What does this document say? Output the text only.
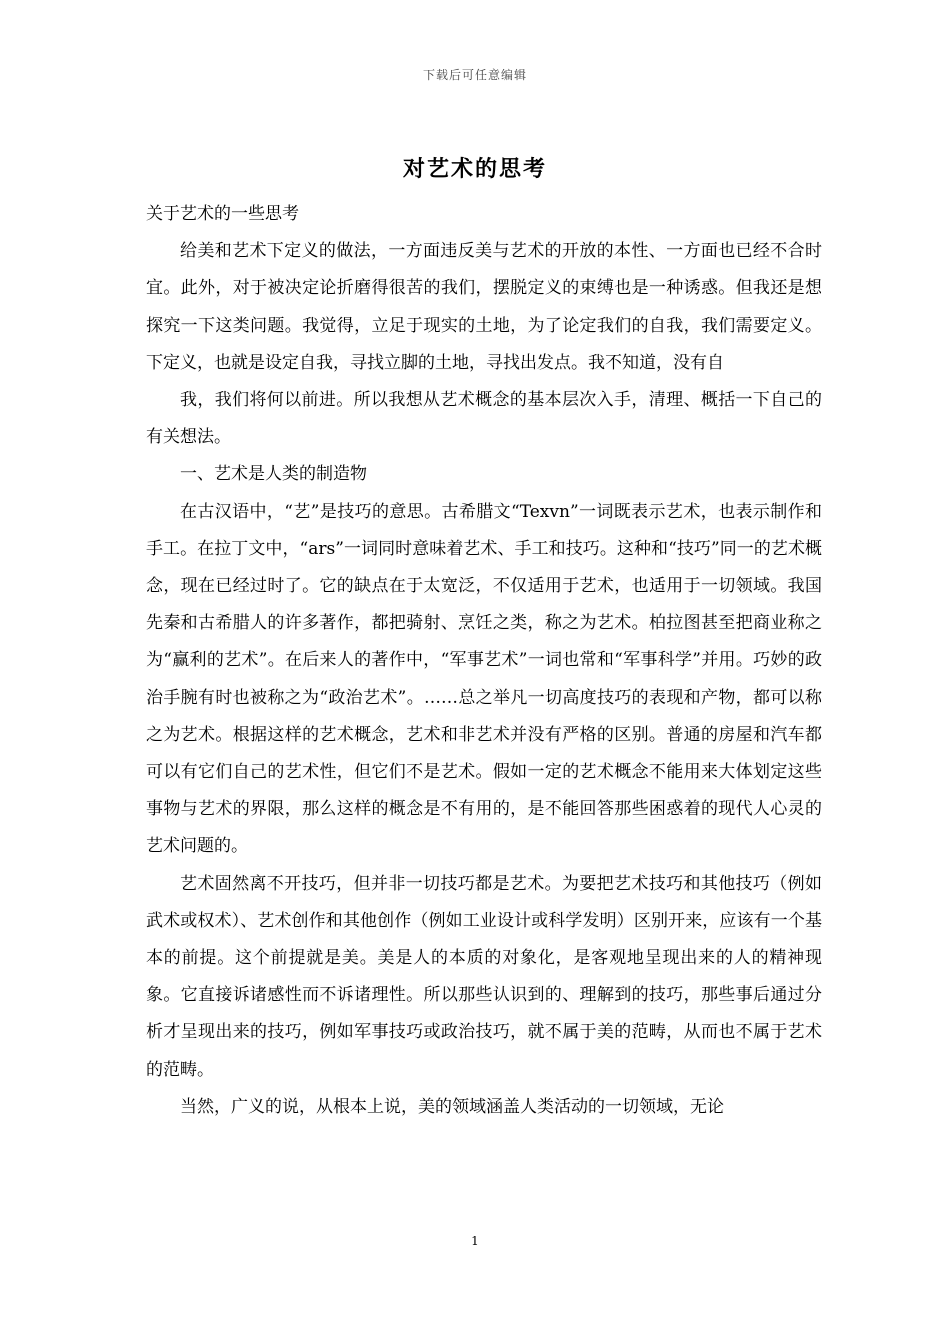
下载后可任意编辑
对艺术的思考

关于艺术的一些思考

给美和艺术下定义的做法，一方面违反美与艺术的开放的本性、一方面也已经不合时宜。此外，对于被决定论折磨得很苦的我们，摆脱定义的束缚也是一种诱惑。但我还是想探究一下这类问题。我觉得，立足于现实的土地，为了论定我们的自我，我们需要定义。下定义，也就是设定自我，寻找立脚的土地，寻找出发点。我不知道，没有自

我，我们将何以前进。所以我想从艺术概念的基本层次入手，清理、概括一下自己的有关想法。

一、艺术是人类的制造物

在古汉语中，“艺”是技巧的意思。古希腊文“Texvn”一词既表示艺术，也表示制作和手工。在拉丁文中，“ars”一词同时意味着艺术、手工和技巧。这种和“技巧”同一的艺术概念，现在已经过时了。它的缺点在于太宽泛，不仅适用于艺术，也适用于一切领域。我国先秦和古希腊人的许多著作，都把骑射、烹饪之类，称之为艺术。柏拉图甚至把商业称之为“赢利的艺术”。在后来人的著作中，“军事艺术”一词也常和“军事科学”并用。巧妙的政治手腕有时也被称之为“政治艺术”。……总之举凡一切高度技巧的表现和产物，都可以称之为艺术。根据这样的艺术概念，艺术和非艺术并没有严格的区别。普通的房屋和汽车都可以有它们自己的艺术性，但它们不是艺术。假如一定的艺术概念不能用来大体划定这些事物与艺术的界限，那么这样的概念是不有用的，是不能回答那些困惑着的现代人心灵的艺术问题的。

艺术固然离不开技巧，但并非一切技巧都是艺术。为要把艺术技巧和其他技巧（例如武术或权术）、艺术创作和其他创作（例如工业设计或科学发明）区别开来，应该有一个基本的前提。这个前提就是美。美是人的本质的对象化，是客观地呈现出来的人的精神现象。它直接诉诸感性而不诉诸理性。所以那些认识到的、理解到的技巧，那些事后通过分析才呈现出来的技巧，例如军事技巧或政治技巧，就不属于美的范畴，从而也不属于艺术的范畴。

当然，广义的说，从根本上说，美的领域涵盖人类活动的一切领域，无论

1
